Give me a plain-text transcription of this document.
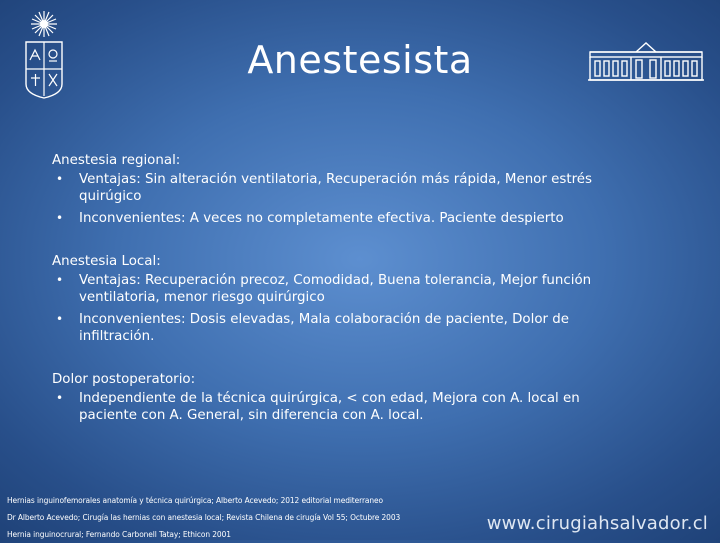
Anestesista
Anestesia regional:
• Ventajas: Sin alteración ventilatoria, Recuperación más rápida, Menor estrés quirúgico
• Inconvenientes: A veces no completamente efectiva. Paciente despierto
Anestesia Local:
• Ventajas: Recuperación precoz, Comodidad, Buena tolerancia, Mejor función ventilatoria, menor riesgo quirúrgico
• Inconvenientes: Dosis elevadas, Mala colaboración de paciente, Dolor de infiltración.
Dolor postoperatorio:
• Independiente de la técnica quirúrgica, < con edad, Mejora con A. local en paciente con A. General, sin diferencia con A. local.
Hernias inguinofemorales anatomía y técnica quirúrgica; Alberto Acevedo; 2012 editorial mediterraneo
Dr Alberto Acevedo; Cirugía las hernias con anestesia local; Revista Chilena de cirugía Vol 55; Octubre 2003
Hernia inguinocrural; Fernando Carbonell Tatay; Ethicon 2001	www.cirugiahsalvador.cl
